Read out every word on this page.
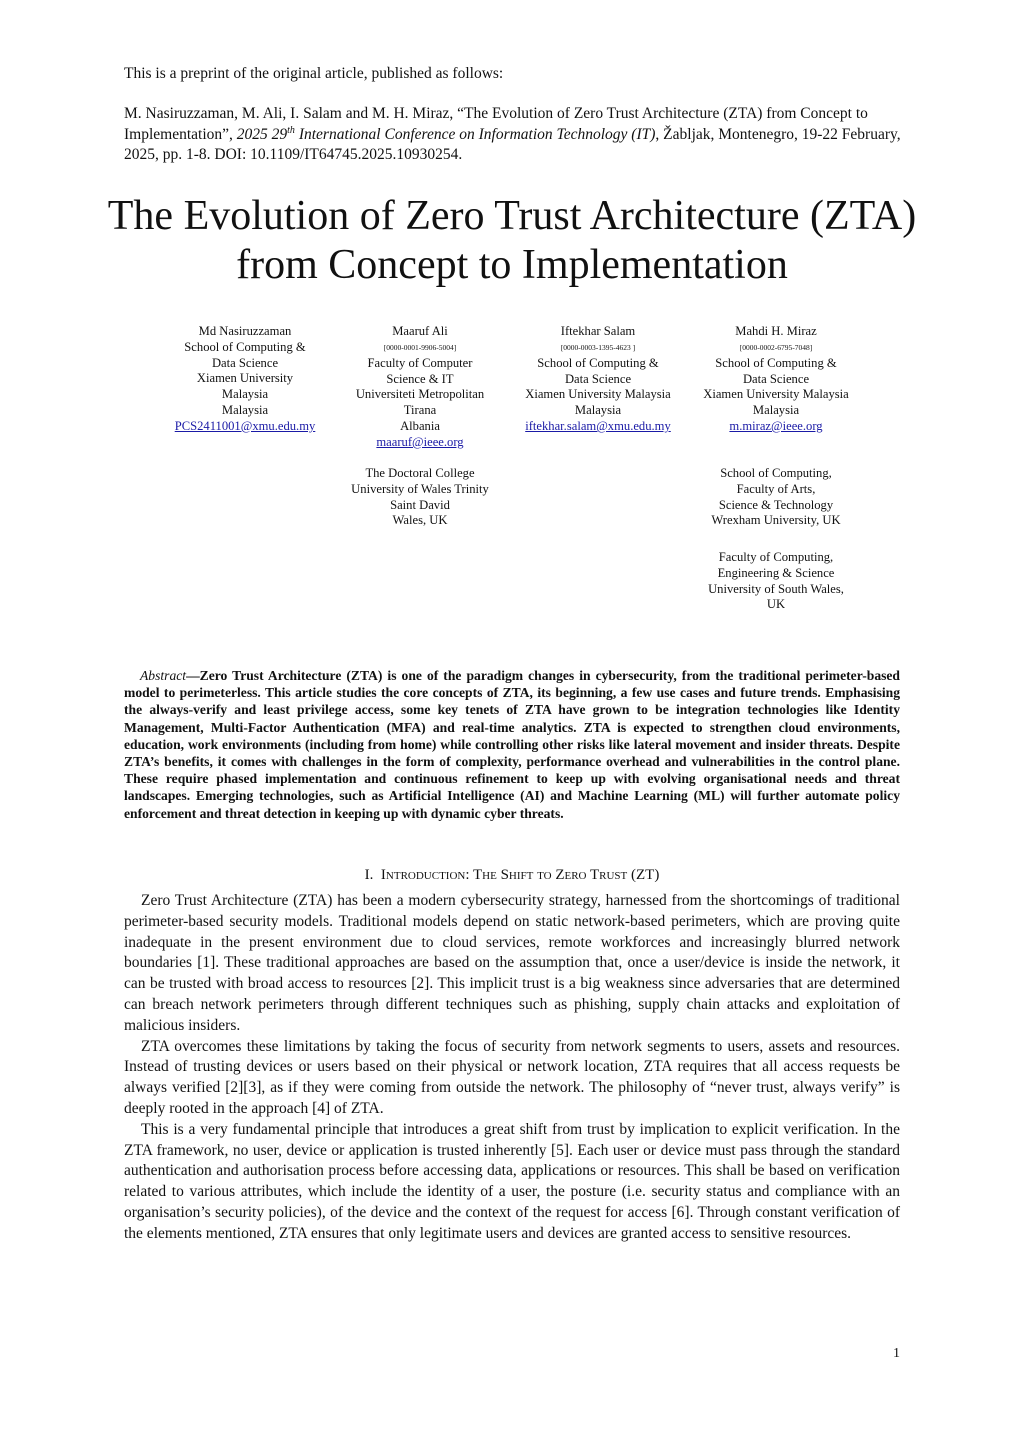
This is a preprint of the original article, published as follows:
M. Nasiruzzaman, M. Ali, I. Salam and M. H. Miraz, “The Evolution of Zero Trust Architecture (ZTA) from Concept to Implementation”, 2025 29th International Conference on Information Technology (IT), Žabljak, Montenegro, 19-22 February, 2025, pp. 1-8. DOI: 10.1109/IT64745.2025.10930254.
The Evolution of Zero Trust Architecture (ZTA)
from Concept to Implementation
Md Nasiruzzaman
School of Computing &
Data Science
Xiamen University
Malaysia
Malaysia
PCS2411001@xmu.edu.my
Maaruf Ali
[0000-0001-9906-5004]
Faculty of Computer
Science & IT
Universiteti Metropolitan
Tirana
Albania
maaruf@ieee.org
The Doctoral College
University of Wales Trinity
Saint David
Wales, UK
Iftekhar Salam
[0000-0003-1395-4623 ]
School of Computing &
Data Science
Xiamen University Malaysia
Malaysia
iftekhar.salam@xmu.edu.my
Mahdi H. Miraz
[0000-0002-6795-7048]
School of Computing &
Data Science
Xiamen University Malaysia
Malaysia
m.miraz@ieee.org
School of Computing,
Faculty of Arts,
Science & Technology
Wrexham University, UK
Faculty of Computing,
Engineering & Science
University of South Wales,
UK

Abstract—Zero Trust Architecture (ZTA) is one of the paradigm changes in cybersecurity, from the traditional perimeter-based model to perimeterless. This article studies the core concepts of ZTA, its beginning, a few use cases and future trends. Emphasising the always-verify and least privilege access, some key tenets of ZTA have grown to be integration technologies like Identity Management, Multi-Factor Authentication (MFA) and real-time analytics. ZTA is expected to strengthen cloud environments, education, work environments (including from home) while controlling other risks like lateral movement and insider threats. Despite ZTA’s benefits, it comes with challenges in the form of complexity, performance overhead and vulnerabilities in the control plane. These require phased implementation and continuous refinement to keep up with evolving organisational needs and threat landscapes. Emerging technologies, such as Artificial Intelligence (AI) and Machine Learning (ML) will further automate policy enforcement and threat detection in keeping up with dynamic cyber threats.

I. Introduction: The Shift to Zero Trust (ZT)

Zero Trust Architecture (ZTA) has been a modern cybersecurity strategy, harnessed from the shortcomings of traditional perimeter-based security models. Traditional models depend on static network-based perimeters, which are proving quite inadequate in the present environment due to cloud services, remote workforces and increasingly blurred network boundaries [1]. These traditional approaches are based on the assumption that, once a user/device is inside the network, it can be trusted with broad access to resources [2]. This implicit trust is a big weakness since adversaries that are determined can breach network perimeters through different techniques such as phishing, supply chain attacks and exploitation of malicious insiders.

ZTA overcomes these limitations by taking the focus of security from network segments to users, assets and resources. Instead of trusting devices or users based on their physical or network location, ZTA requires that all access requests be always verified [2][3], as if they were coming from outside the network. The philosophy of “never trust, always verify” is deeply rooted in the approach [4] of ZTA.

This is a very fundamental principle that introduces a great shift from trust by implication to explicit verification. In the ZTA framework, no user, device or application is trusted inherently [5]. Each user or device must pass through the standard authentication and authorisation process before accessing data, applications or resources. This shall be based on verification related to various attributes, which include the identity of a user, the posture (i.e. security status and compliance with an organisation’s security policies), of the device and the context of the request for access [6]. Through constant verification of the elements mentioned, ZTA ensures that only legitimate users and devices are granted access to sensitive resources.

1
